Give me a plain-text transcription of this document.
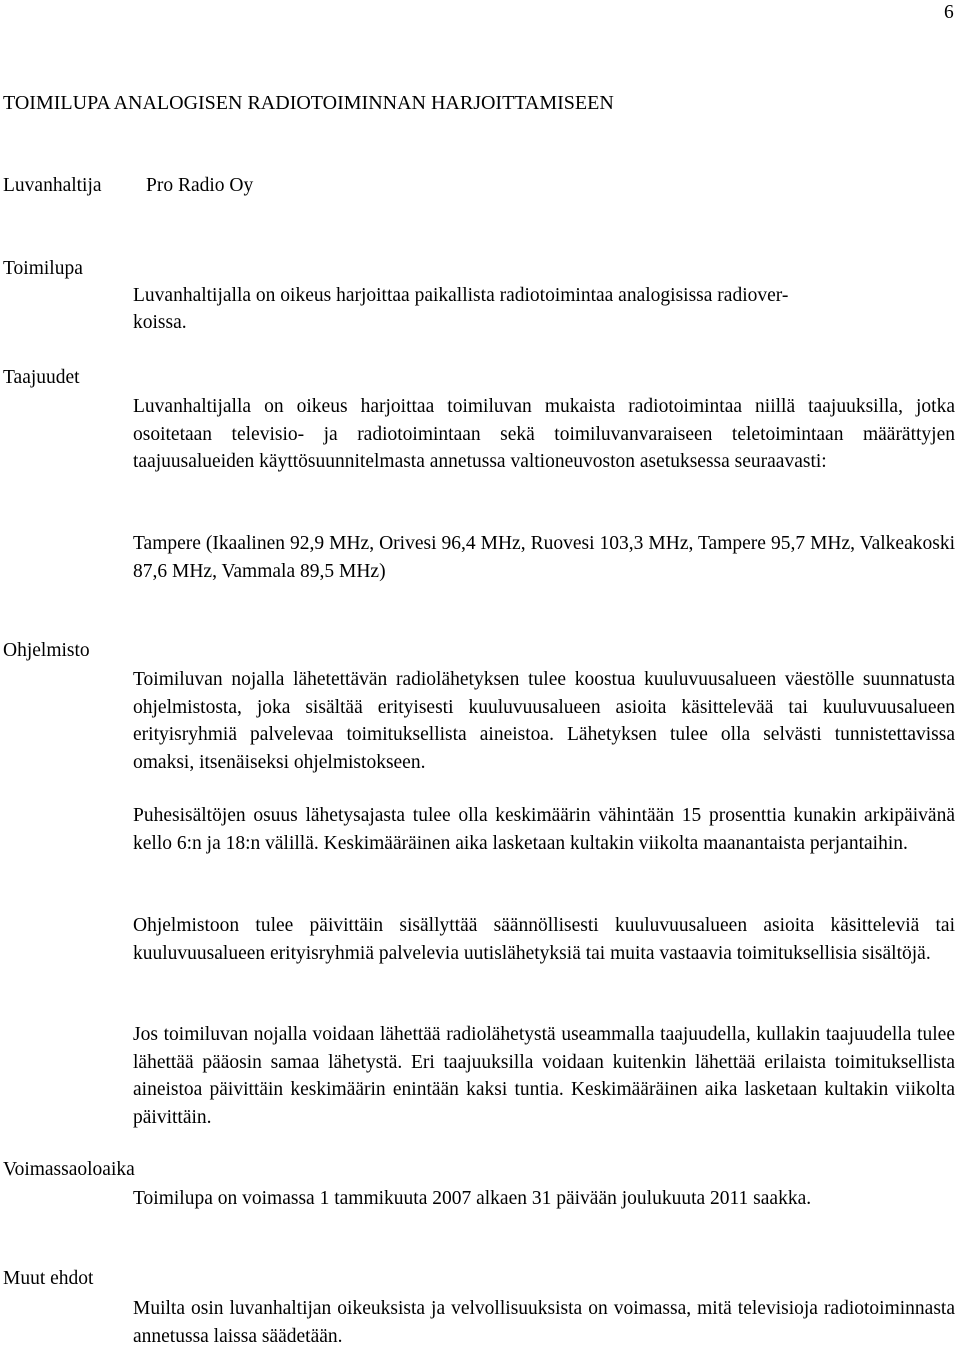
6
TOIMILUPA ANALOGISEN RADIOTOIMINNAN HARJOITTAMISEEN
Luvanhaltija Pro Radio Oy
Toimilupa
Luvanhaltijalla on oikeus harjoittaa paikallista radiotoimintaa analogisissa radiover-
koissa.
Taajuudet

Luvanhaltijalla on oikeus harjoittaa toimiluvan mukaista radiotoimintaa niillä taajuuksilla, jotka osoitetaan televisio- ja radiotoimintaan sekä toimiluvanvaraiseen teletoimintaan määrättyjen taajuusalueiden käyttösuunnitelmasta annetussa valtioneuvoston asetuksessa seuraavasti:

Tampere (Ikaalinen 92,9 MHz, Orivesi 96,4 MHz, Ruovesi 103,3 MHz, Tampere 95,7 MHz, Valkeakoski 87,6 MHz, Vammala 89,5 MHz)

Ohjelmisto

Toimiluvan nojalla lähetettävän radiolähetyksen tulee koostua kuuluvuusalueen väestölle suunnatusta ohjelmistosta, joka sisältää erityisesti kuuluvuusalueen asioita käsittelevää tai kuuluvuusalueen erityisryhmiä palvelevaa toimituksellista aineistoa. Lähetyksen tulee olla selvästi tunnistettavissa omaksi, itsenäiseksi ohjelmistokseen.

Puhesisältöjen osuus lähetysajasta tulee olla keskimäärin vähintään 15 prosenttia kunakin arkipäivänä kello 6:n ja 18:n välillä. Keskimääräinen aika lasketaan kultakin viikolta maanantaista perjantaihin.

Ohjelmistoon tulee päivittäin sisällyttää säännöllisesti kuuluvuusalueen asioita käsitteleviä tai kuuluvuusalueen erityisryhmiä palvelevia uutislähetyksiä tai muita vastaavia toimituksellisia sisältöjä.

Jos toimiluvan nojalla voidaan lähettää radiolähetystä useammalla taajuudella, kullakin taajuudella tulee lähettää pääosin samaa lähetystä. Eri taajuuksilla voidaan kuitenkin lähettää erilaista toimituksellista aineistoa päivittäin keskimäärin enintään kaksi tuntia. Keskimääräinen aika lasketaan kultakin viikolta päivittäin.

Voimassaoloaika

Toimilupa on voimassa 1 tammikuuta 2007 alkaen 31 päivään joulukuuta 2011 saakka.

Muut ehdot

Muilta osin luvanhaltijan oikeuksista ja velvollisuuksista on voimassa, mitä televisioja radiotoiminnasta annetussa laissa säädetään.
